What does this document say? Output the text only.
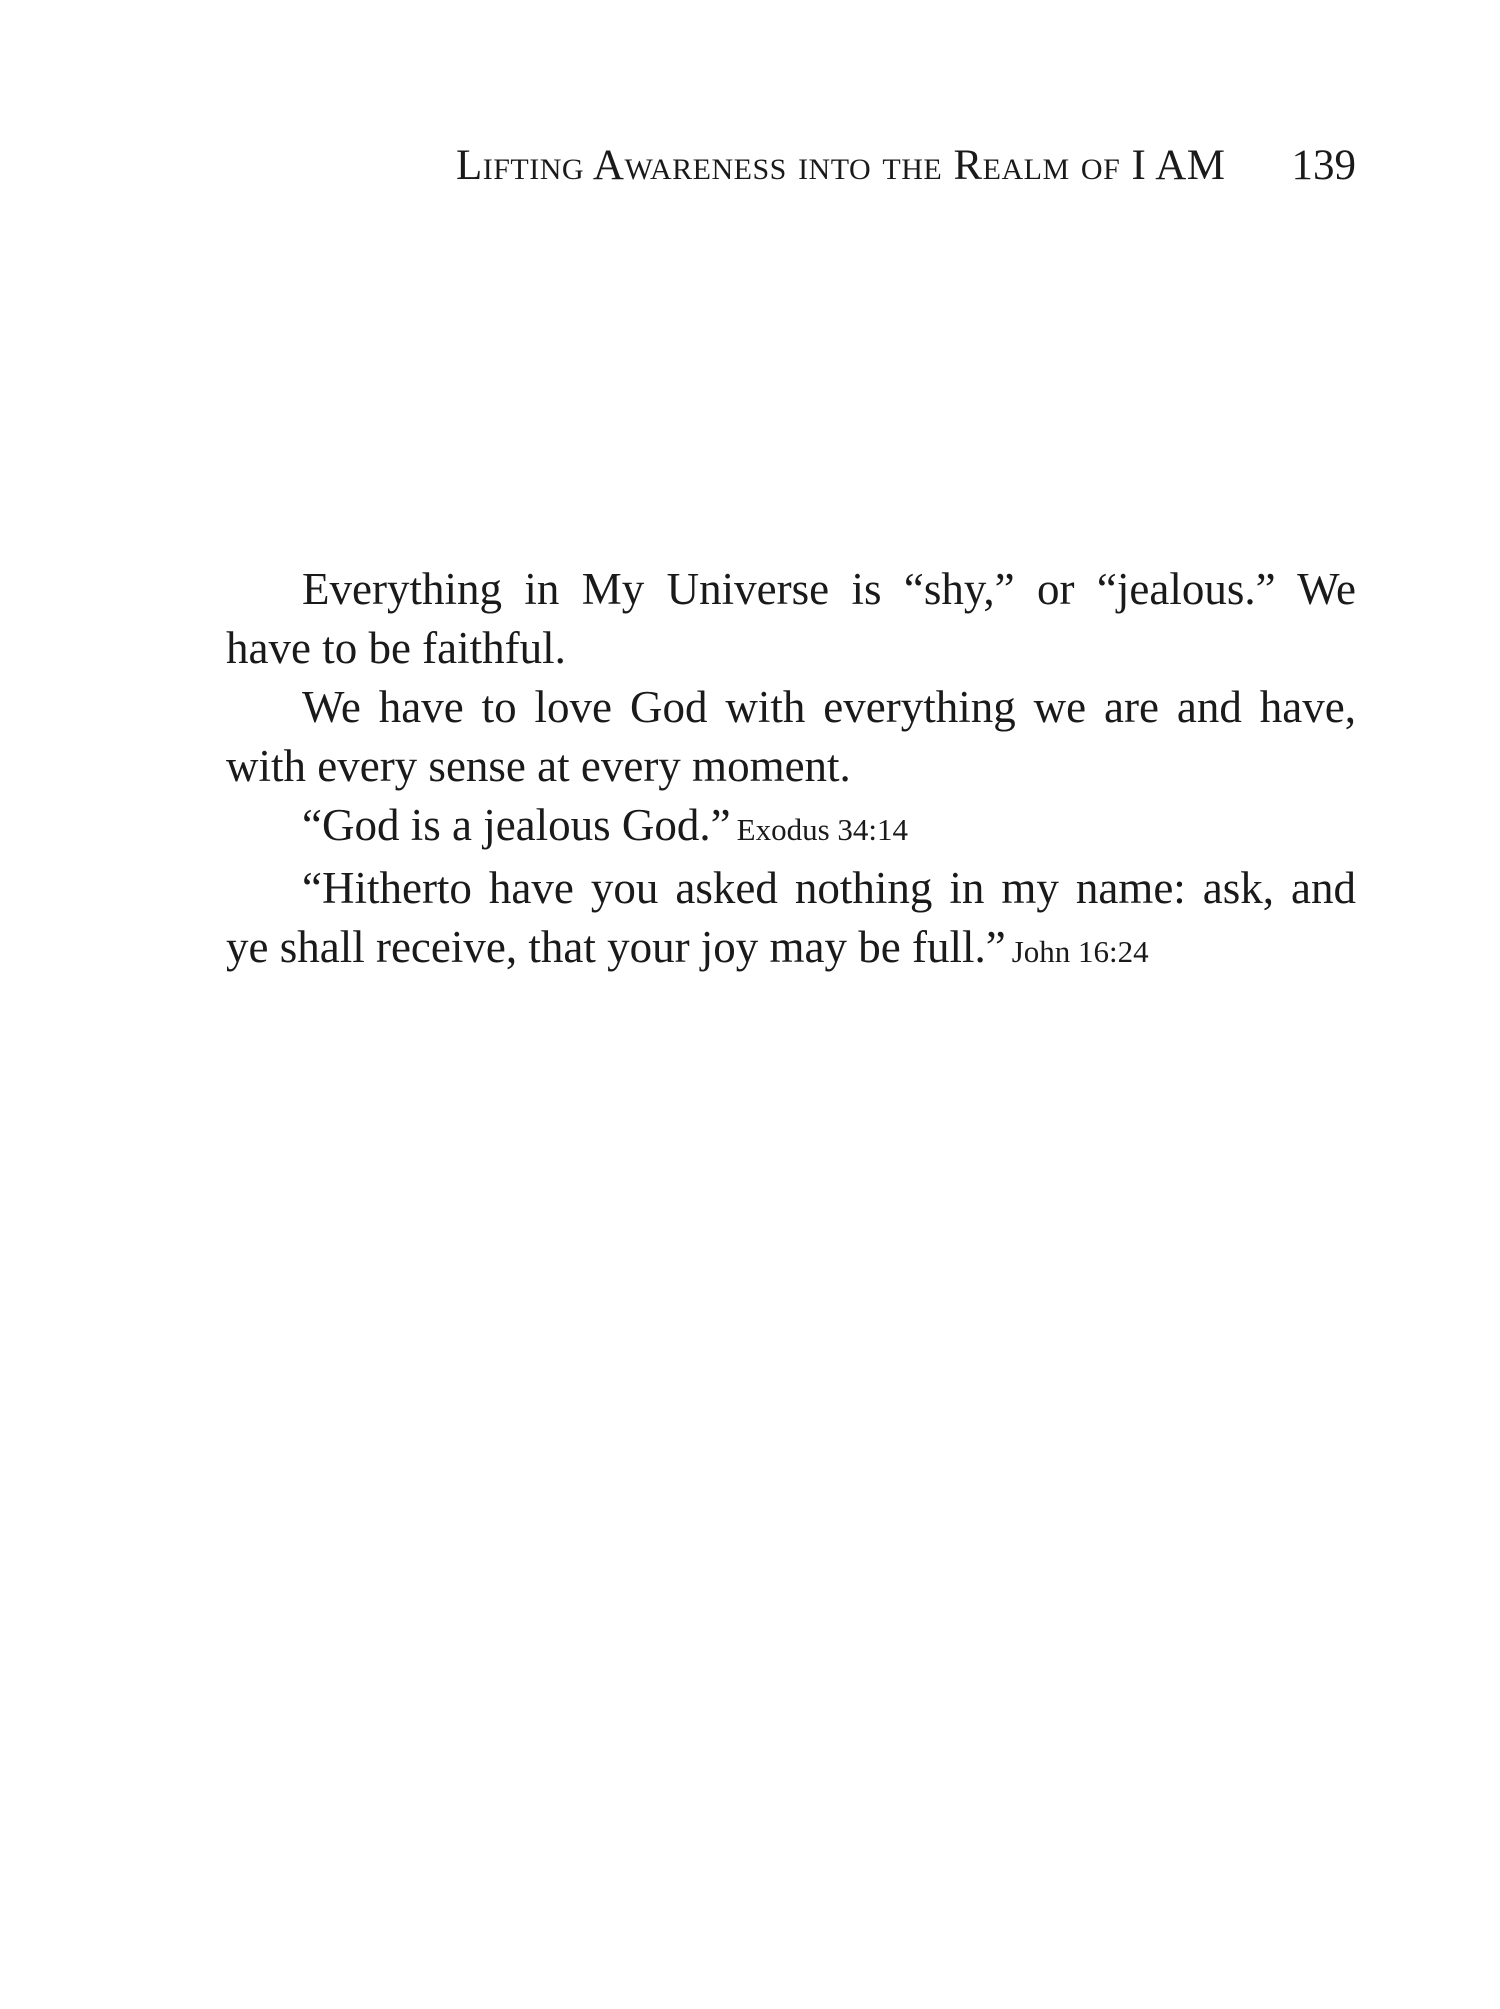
Lifting Awareness into the Realm of I AM 139

Everything in My Universe is “shy,” or “jealous.” We have to be faithful.

We have to love God with everything we are and have, with every sense at every moment.

“God is a jealous God.” Exodus 34:14

“Hitherto have you asked nothing in my name: ask, and ye shall receive, that your joy may be full.” John 16:24
